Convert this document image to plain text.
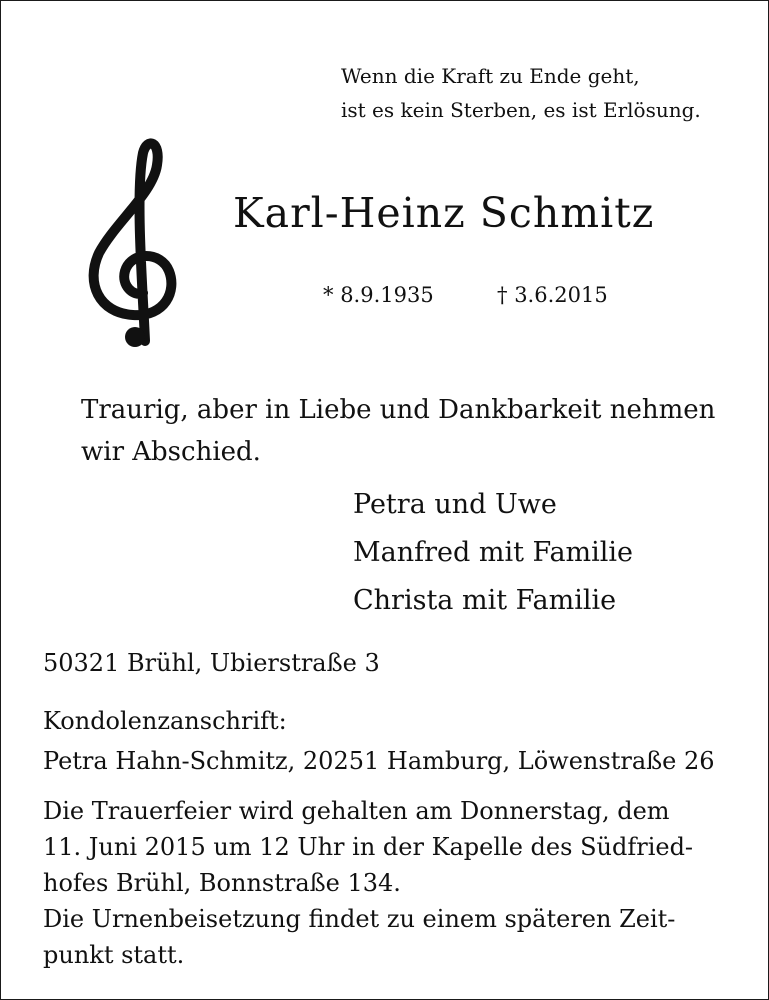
Wenn die Kraft zu Ende geht,
ist es kein Sterben, es ist Erlösung.
Karl-Heinz Schmitz
* 8.9.1935	† 3.6.2015
Traurig, aber in Liebe und Dankbarkeit nehmen
wir Abschied.
Petra und Uwe
Manfred mit Familie
Christa mit Familie
50321 Brühl, Ubierstraße 3
Kondolenzanschrift:
Petra Hahn-Schmitz, 20251 Hamburg, Löwenstraße 26
Die Trauerfeier wird gehalten am Donnerstag, dem
11. Juni 2015 um 12 Uhr in der Kapelle des Südfried-
hofes Brühl, Bonnstraße 134.
Die Urnenbeisetzung findet zu einem späteren Zeit-
punkt statt.
